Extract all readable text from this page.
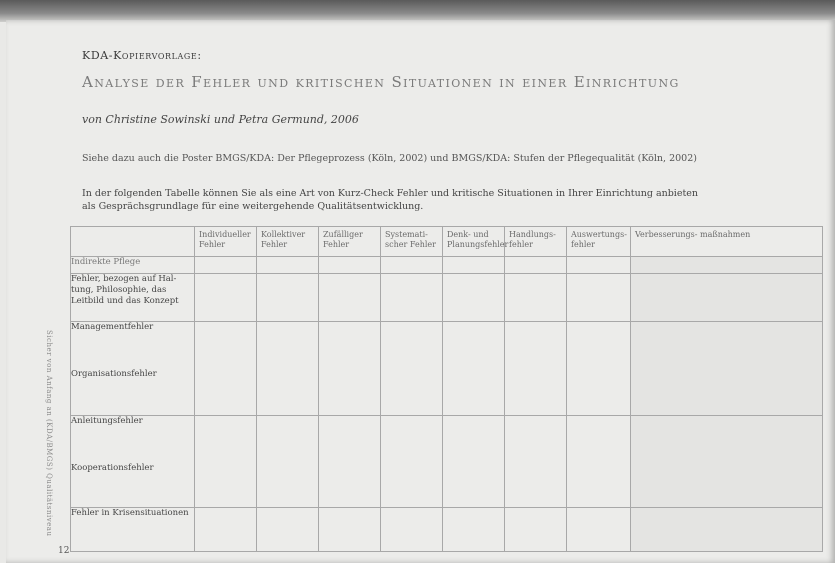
KDA-Kopiervorlage:
Analyse der Fehler und kritischen Situationen in einer Einrichtung
von Christine Sowinski und Petra Germund, 2006
Siehe dazu auch die Poster BMGS/KDA: Der Pflegeprozess (Köln, 2002) und BMGS/KDA: Stufen der Pflegequalität (Köln, 2002)
In der folgenden Tabelle können Sie als eine Art von Kurz-Check Fehler und kritische Situationen in Ihrer Einrichtung anbieten
als Gesprächsgrundlage für eine weitergehende Qualitätsentwicklung.
Sicher von Anfang an (KDA/BMGS) Qualitätsniveau
12
	Individueller Fehler	Kollektiver Fehler	Zufälliger Fehler	Systemati- scher Fehler	Denk- und Planungsfehler	Handlungs- fehler	Auswertungs- fehler	Verbesserungs- maßnahmen
Indirekte Pflege								
Fehler, bezogen auf Hal- tung, Philosophie, das Leitbild und das Konzept								

Managementfehler
Organisationsfehler								

Anleitungsfehler
Kooperationsfehler								

Fehler in Krisensituationen								
